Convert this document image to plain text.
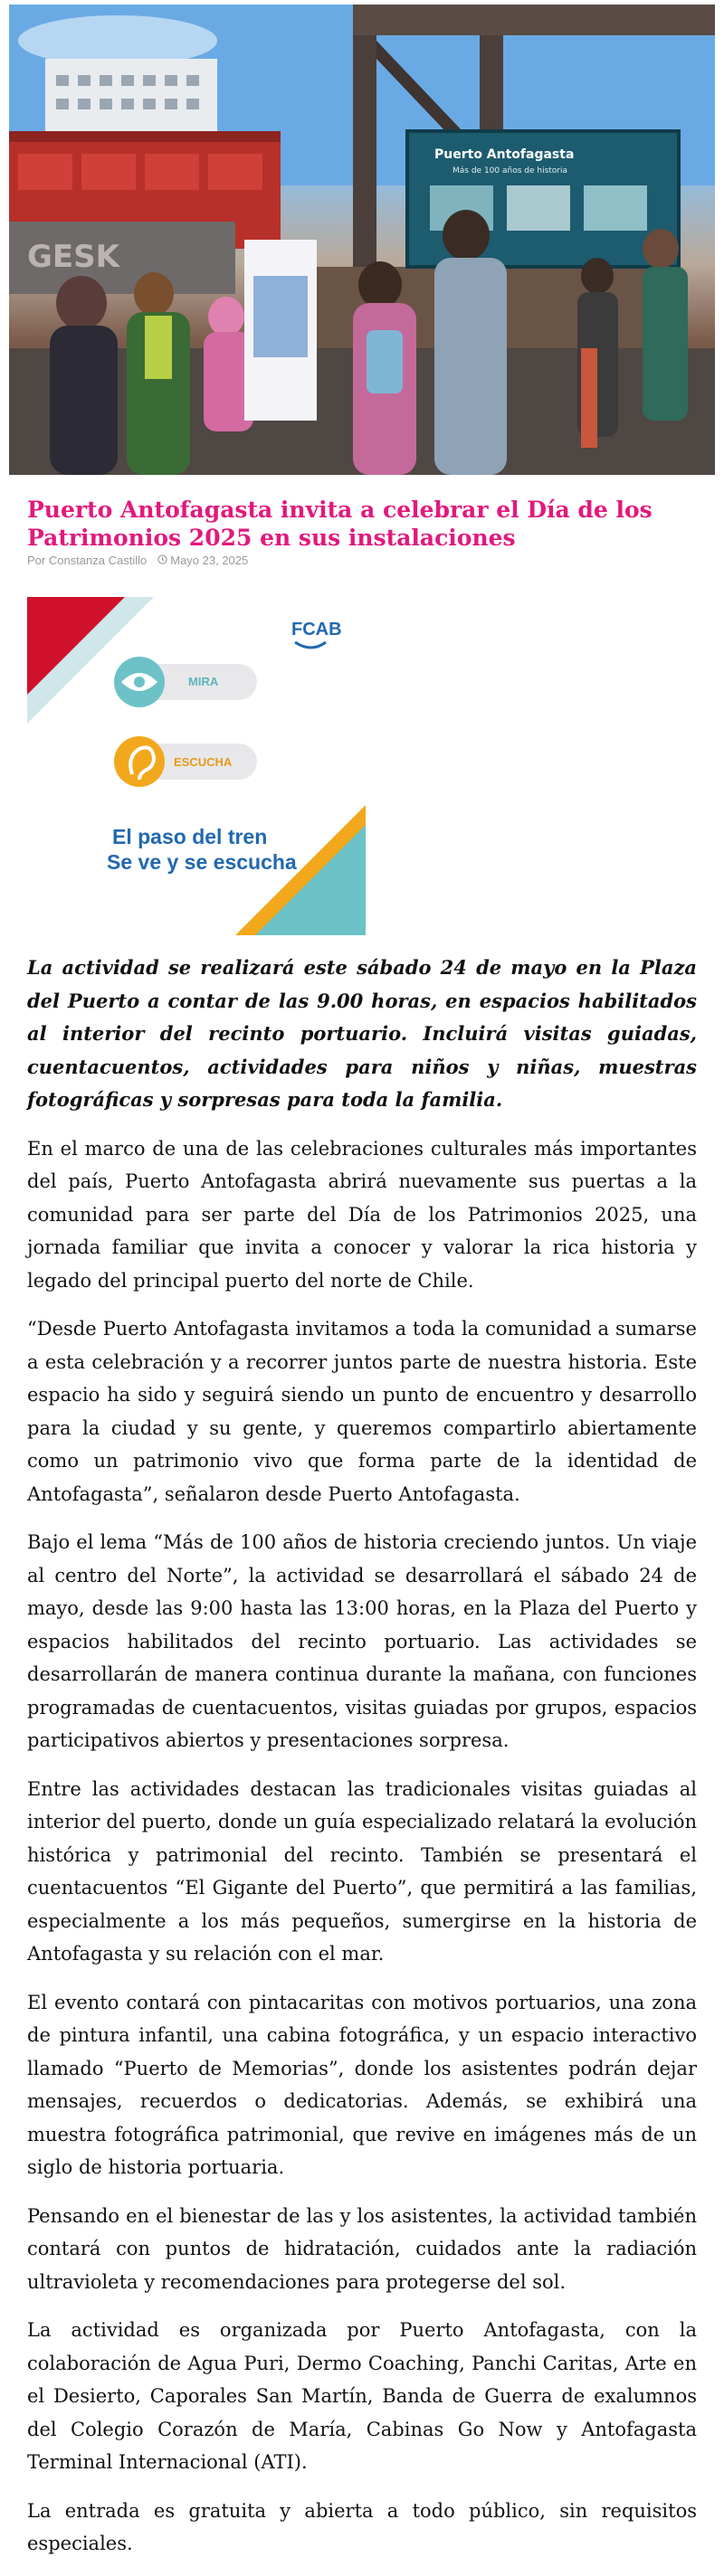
GESK
Puerto Antofagasta
Más de 100 años de historia
Puerto Antofagasta invita a celebrar el Día de los Patrimonios 2025 en sus instalaciones
Por Constanza Castillo Mayo 23, 2025
FCAB
MIRA
ESCUCHA
El paso del tren
Se ve y se escucha

La actividad se realizará este sábado 24 de mayo en la Plaza del Puerto a contar de las 9.00 horas, en espacios habilitados al interior del recinto portuario. Incluirá visitas guiadas, cuentacuentos, actividades para niños y niñas, muestras fotográficas y sorpresas para toda la familia.

En el marco de una de las celebraciones culturales más importantes del país, Puerto Antofagasta abrirá nuevamente sus puertas a la comunidad para ser parte del Día de los Patrimonios 2025, una jornada familiar que invita a conocer y valorar la rica historia y legado del principal puerto del norte de Chile.

“Desde Puerto Antofagasta invitamos a toda la comunidad a sumarse a esta celebración y a recorrer juntos parte de nuestra historia. Este espacio ha sido y seguirá siendo un punto de encuentro y desarrollo para la ciudad y su gente, y queremos compartirlo abiertamente como un patrimonio vivo que forma parte de la identidad de Antofagasta”, señalaron desde Puerto Antofagasta.

Bajo el lema “Más de 100 años de historia creciendo juntos. Un viaje al centro del Norte”, la actividad se desarrollará el sábado 24 de mayo, desde las 9:00 hasta las 13:00 horas, en la Plaza del Puerto y espacios habilitados del recinto portuario. Las actividades se desarrollarán de manera continua durante la mañana, con funciones programadas de cuentacuentos, visitas guiadas por grupos, espacios participativos abiertos y presentaciones sorpresa.

Entre las actividades destacan las tradicionales visitas guiadas al interior del puerto, donde un guía especializado relatará la evolución histórica y patrimonial del recinto. También se presentará el cuentacuentos “El Gigante del Puerto”, que permitirá a las familias, especialmente a los más pequeños, sumergirse en la historia de Antofagasta y su relación con el mar.

El evento contará con pintacaritas con motivos portuarios, una zona de pintura infantil, una cabina fotográfica, y un espacio interactivo llamado “Puerto de Memorias”, donde los asistentes podrán dejar mensajes, recuerdos o dedicatorias. Además, se exhibirá una muestra fotográfica patrimonial, que revive en imágenes más de un siglo de historia portuaria.

Pensando en el bienestar de las y los asistentes, la actividad también contará con puntos de hidratación, cuidados ante la radiación ultravioleta y recomendaciones para protegerse del sol.

La actividad es organizada por Puerto Antofagasta, con la colaboración de Agua Puri, Dermo Coaching, Panchi Caritas, Arte en el Desierto, Caporales San Martín, Banda de Guerra de exalumnos del Colegio Corazón de María, Cabinas Go Now y Antofagasta Terminal Internacional (ATI).

La entrada es gratuita y abierta a todo público, sin requisitos especiales.
